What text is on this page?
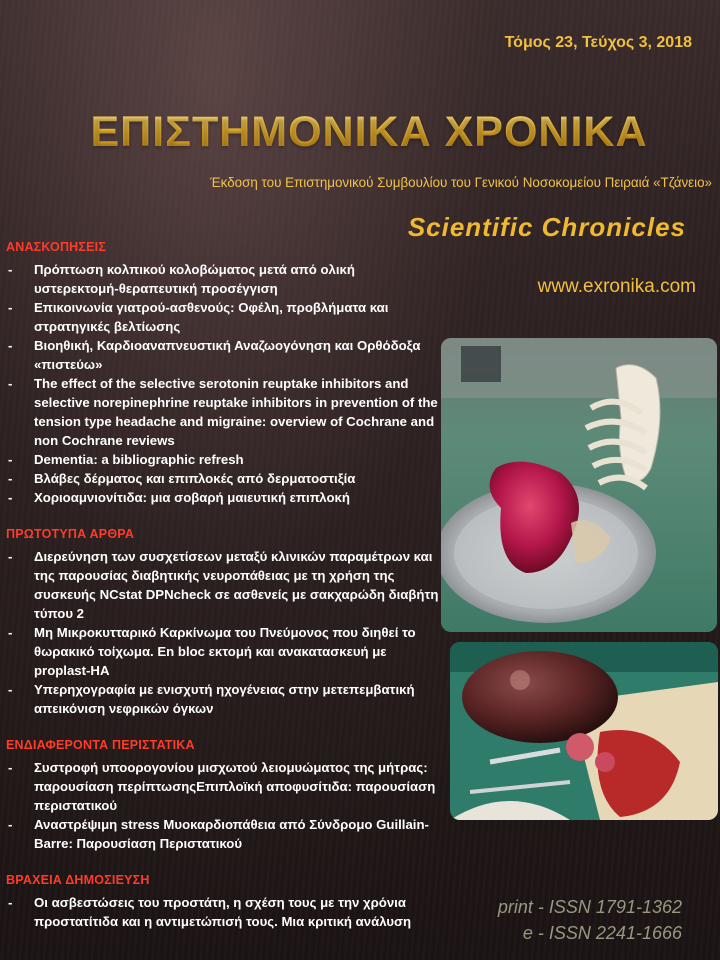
Τόμος 23, Τεύχος 3, 2018
ΕΠΙΣΤΗΜΟΝΙΚΑ ΧΡΟΝΙΚΑ
Έκδοση του Επιστημονικού Συμβουλίου του Γενικού Νοσοκομείου Πειραιά «Τζάνειο»
Scientific Chronicles
www.exronika.com
ΑΝΑΣΚΟΠΗΣΕΙΣ
- Πρόπτωση κολπικού κολοβώματος μετά από ολική υστερεκτομή-θεραπευτική προσέγγιση
- Επικοινωνία γιατρού-ασθενούς: Οφέλη, προβλήματα και στρατηγικές βελτίωσης
- Βιοηθική, Καρδιοαναπνευστική Αναζωογόνηση και Ορθόδοξα «πιστεύω»
- The effect of the selective serotonin reuptake inhibitors and selective norepinephrine reuptake inhibitors in prevention of the tension type headache and migraine: overview of Cochrane and non Cochrane reviews
- Dementia: a bibliographic refresh
- Βλάβες δέρματος και επιπλοκές από δερματοστιξία
- Χοριοαμνιονίτιδα: μια σοβαρή μαιευτική επιπλοκή
ΠΡΩΤΟΤΥΠΑ ΑΡΘΡΑ
- Διερεύνηση των συσχετίσεων μεταξύ κλινικών παραμέτρων και της παρουσίας διαβητικής νευροπάθειας με τη χρήση της συσκευής NCstat DPNcheck σε ασθενείς με σακχαρώδη διαβήτη τύπου 2
- Μη Μικροκυτταρικό Καρκίνωμα του Πνεύμονος που διηθεί το θωρακικό τοίχωμα. En bloc εκτομή και ανακατασκευή με proplast-HA
- Υπερηχογραφία με ενισχυτή ηχογένειας στην μετεπεμβατική απεικόνιση νεφρικών όγκων
ΕΝΔΙΑΦΕΡΟΝΤΑ ΠΕΡΙΣΤΑΤΙΚΑ
- Συστροφή υποορογονίου μισχωτού λειομυώματος της μήτρας: παρουσίαση περίπτωσηςΕπιπλοϊκή αποφυσίτιδα: παρουσίαση περιστατικού
- Αναστρέψιμη stress Μυοκαρδιοπάθεια από Σύνδρομο Guillain-Barre: Παρουσίαση Περιστατικού
ΒΡΑΧΕΙΑ ΔΗΜΟΣΙΕΥΣΗ
- Οι ασβεστώσεις του προστάτη, η σχέση τους με την χρόνια προστατίτιδα και η αντιμετώπισή τους. Μια κριτική ανάλυση
print - ISSN 1791-1362
e - ISSN 2241-1666
